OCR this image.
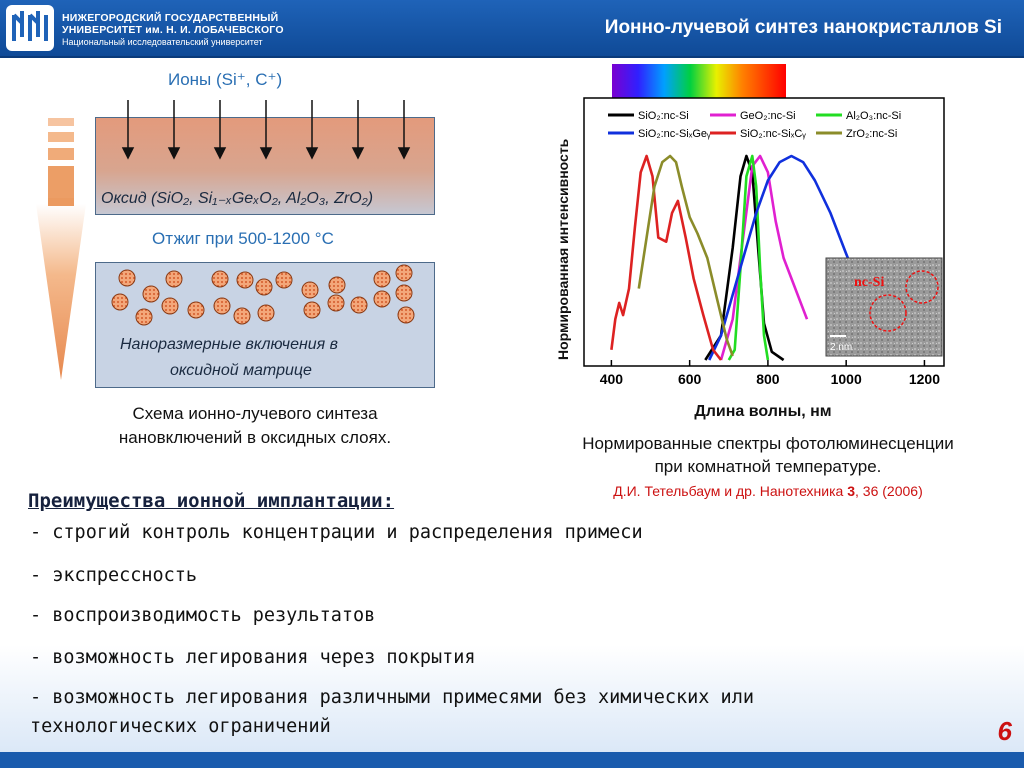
НИЖЕГОРОДСКИЙ ГОСУДАРСТВЕННЫЙ
УНИВЕРСИТЕТ им. Н. И. ЛОБАЧЕВСКОГО
Национальный исследовательский университет
Ионно-лучевой синтез нанокристаллов Si
Ионы (Si⁺, C⁺)
Оксид (SiO₂, Si₁₋ₓGeₓO₂, Al₂O₃, ZrO₂)
Отжиг при 500-1200 °С
Наноразмерные включения в
оксидной матрице
Схема ионно-лучевого синтеза
нановключений в оксидных слоях.
400	600	800	1000	1200
SiO₂:nc-Si	GeO₂:nc-Si	Al₂O₃:nc-Si
SiO₂:nc-SiₓGeᵧ	SiO₂:nc-SiₓCᵧ	ZrO₂:nc-Si
nc-Si
2 nm
Нормированная интенсивность
Длина волны, нм
Нормированные спектры фотолюминесценции
при комнатной температуре.
Д.И. Тетельбаум и др. Нанотехника 3, 36 (2006)
Преимущества ионной имплантации:
- строгий контроль концентрации и распределения примеси
- экспрессность
- воспроизводимость результатов
- возможность легирования через покрытия
- возможность легирования различными примесями без химических или
технологических ограничений	6
